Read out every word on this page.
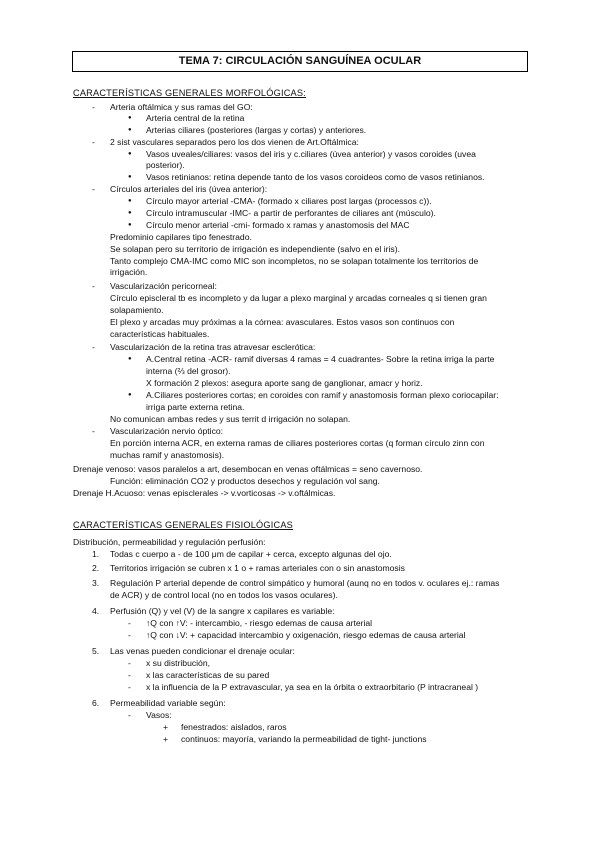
TEMA 7: CIRCULACIÓN SANGUÍNEA OCULAR
CARACTERÍSTICAS GENERALES MORFOLÓGICAS:
- Arteria oftálmica y sus ramas del GO:
● Arteria central de la retina
● Arterias ciliares (posteriores (largas y cortas) y anteriores.
- 2 sist vasculares separados pero los dos vienen de Art.Oftálmica:
● Vasos uveales/ciliares: vasos del iris y c.ciliares (úvea anterior) y vasos coroides (uvea
posterior).
● Vasos retinianos: retina depende tanto de los vasos coroideos como de vasos retinianos.
- Círculos arteriales del iris (úvea anterior):
● Círculo mayor arterial -CMA- (formado x ciliares post largas (processos c)).
● Círculo intramuscular -IMC- a partir de perforantes de ciliares ant (músculo).
● Círculo menor arterial -cmi- formado x ramas y anastomosis del MAC
Predominio capilares tipo fenestrado.
Se solapan pero su territorio de irrigación es independiente (salvo en el iris).
Tanto complejo CMA-IMC como MIC son incompletos, no se solapan totalmente los territorios de
irrigación.
- Vascularización pericorneal:
Círculo episcleral tb es incompleto y da lugar a plexo marginal y arcadas corneales q si tienen gran
solapamiento.
El plexo y arcadas muy próximas a la córnea: avasculares. Estos vasos son continuos con
características habituales.
- Vascularización de la retina tras atravesar esclerótica:
● A.Central retina -ACR- ramif diversas 4 ramas = 4 cuadrantes- Sobre la retina irriga la parte
interna (⅔ del grosor).
X formación 2 plexos: asegura aporte sang de ganglionar, amacr y horiz.
● A.Ciliares posteriores cortas; en coroides con ramif y anastomosis forman plexo coriocapilar:
irriga parte externa retina.
No comunican ambas redes y sus territ d irrigación no solapan.
- Vascularización nervio óptico:
En porción interna ACR, en externa ramas de ciliares posteriores cortas (q forman círculo zinn con
muchas ramif y anastomosis).
Drenaje venoso: vasos paralelos a art, desembocan en venas oftálmicas = seno cavernoso.
Función: eliminación CO2 y productos desechos y regulación vol sang.
Drenaje H.Acuoso: venas episclerales -> v.vorticosas -> v.oftálmicas.
CARACTERÍSTICAS GENERALES FISIOLÓGICAS
Distribución, permeabilidad y regulación perfusión:
1. Todas c cuerpo a - de 100 μm de capilar + cerca, excepto algunas del ojo.
2. Territorios irrigación se cubren x 1 o + ramas arteriales con o sin anastomosis
3. Regulación P arterial depende de control simpático y humoral (aunq no en todos v. oculares ej.: ramas
de ACR) y de control local (no en todos los vasos oculares).
4. Perfusión (Q) y vel (V) de la sangre x capilares es variable:
- ↑Q con ↑V: - intercambio, - riesgo edemas de causa arterial
- ↑Q con ↓V: + capacidad intercambio y oxigenación, riesgo edemas de causa arterial
5. Las venas pueden condicionar el drenaje ocular:
- x su distribución,
- x las características de su pared
- x la influencia de la P extravascular, ya sea en la órbita o extraorbitario (P intracraneal )
6. Permeabilidad variable según:
- Vasos:
+ fenestrados: aislados, raros
+ continuos: mayoría, variando la permeabilidad de tight- junctions
